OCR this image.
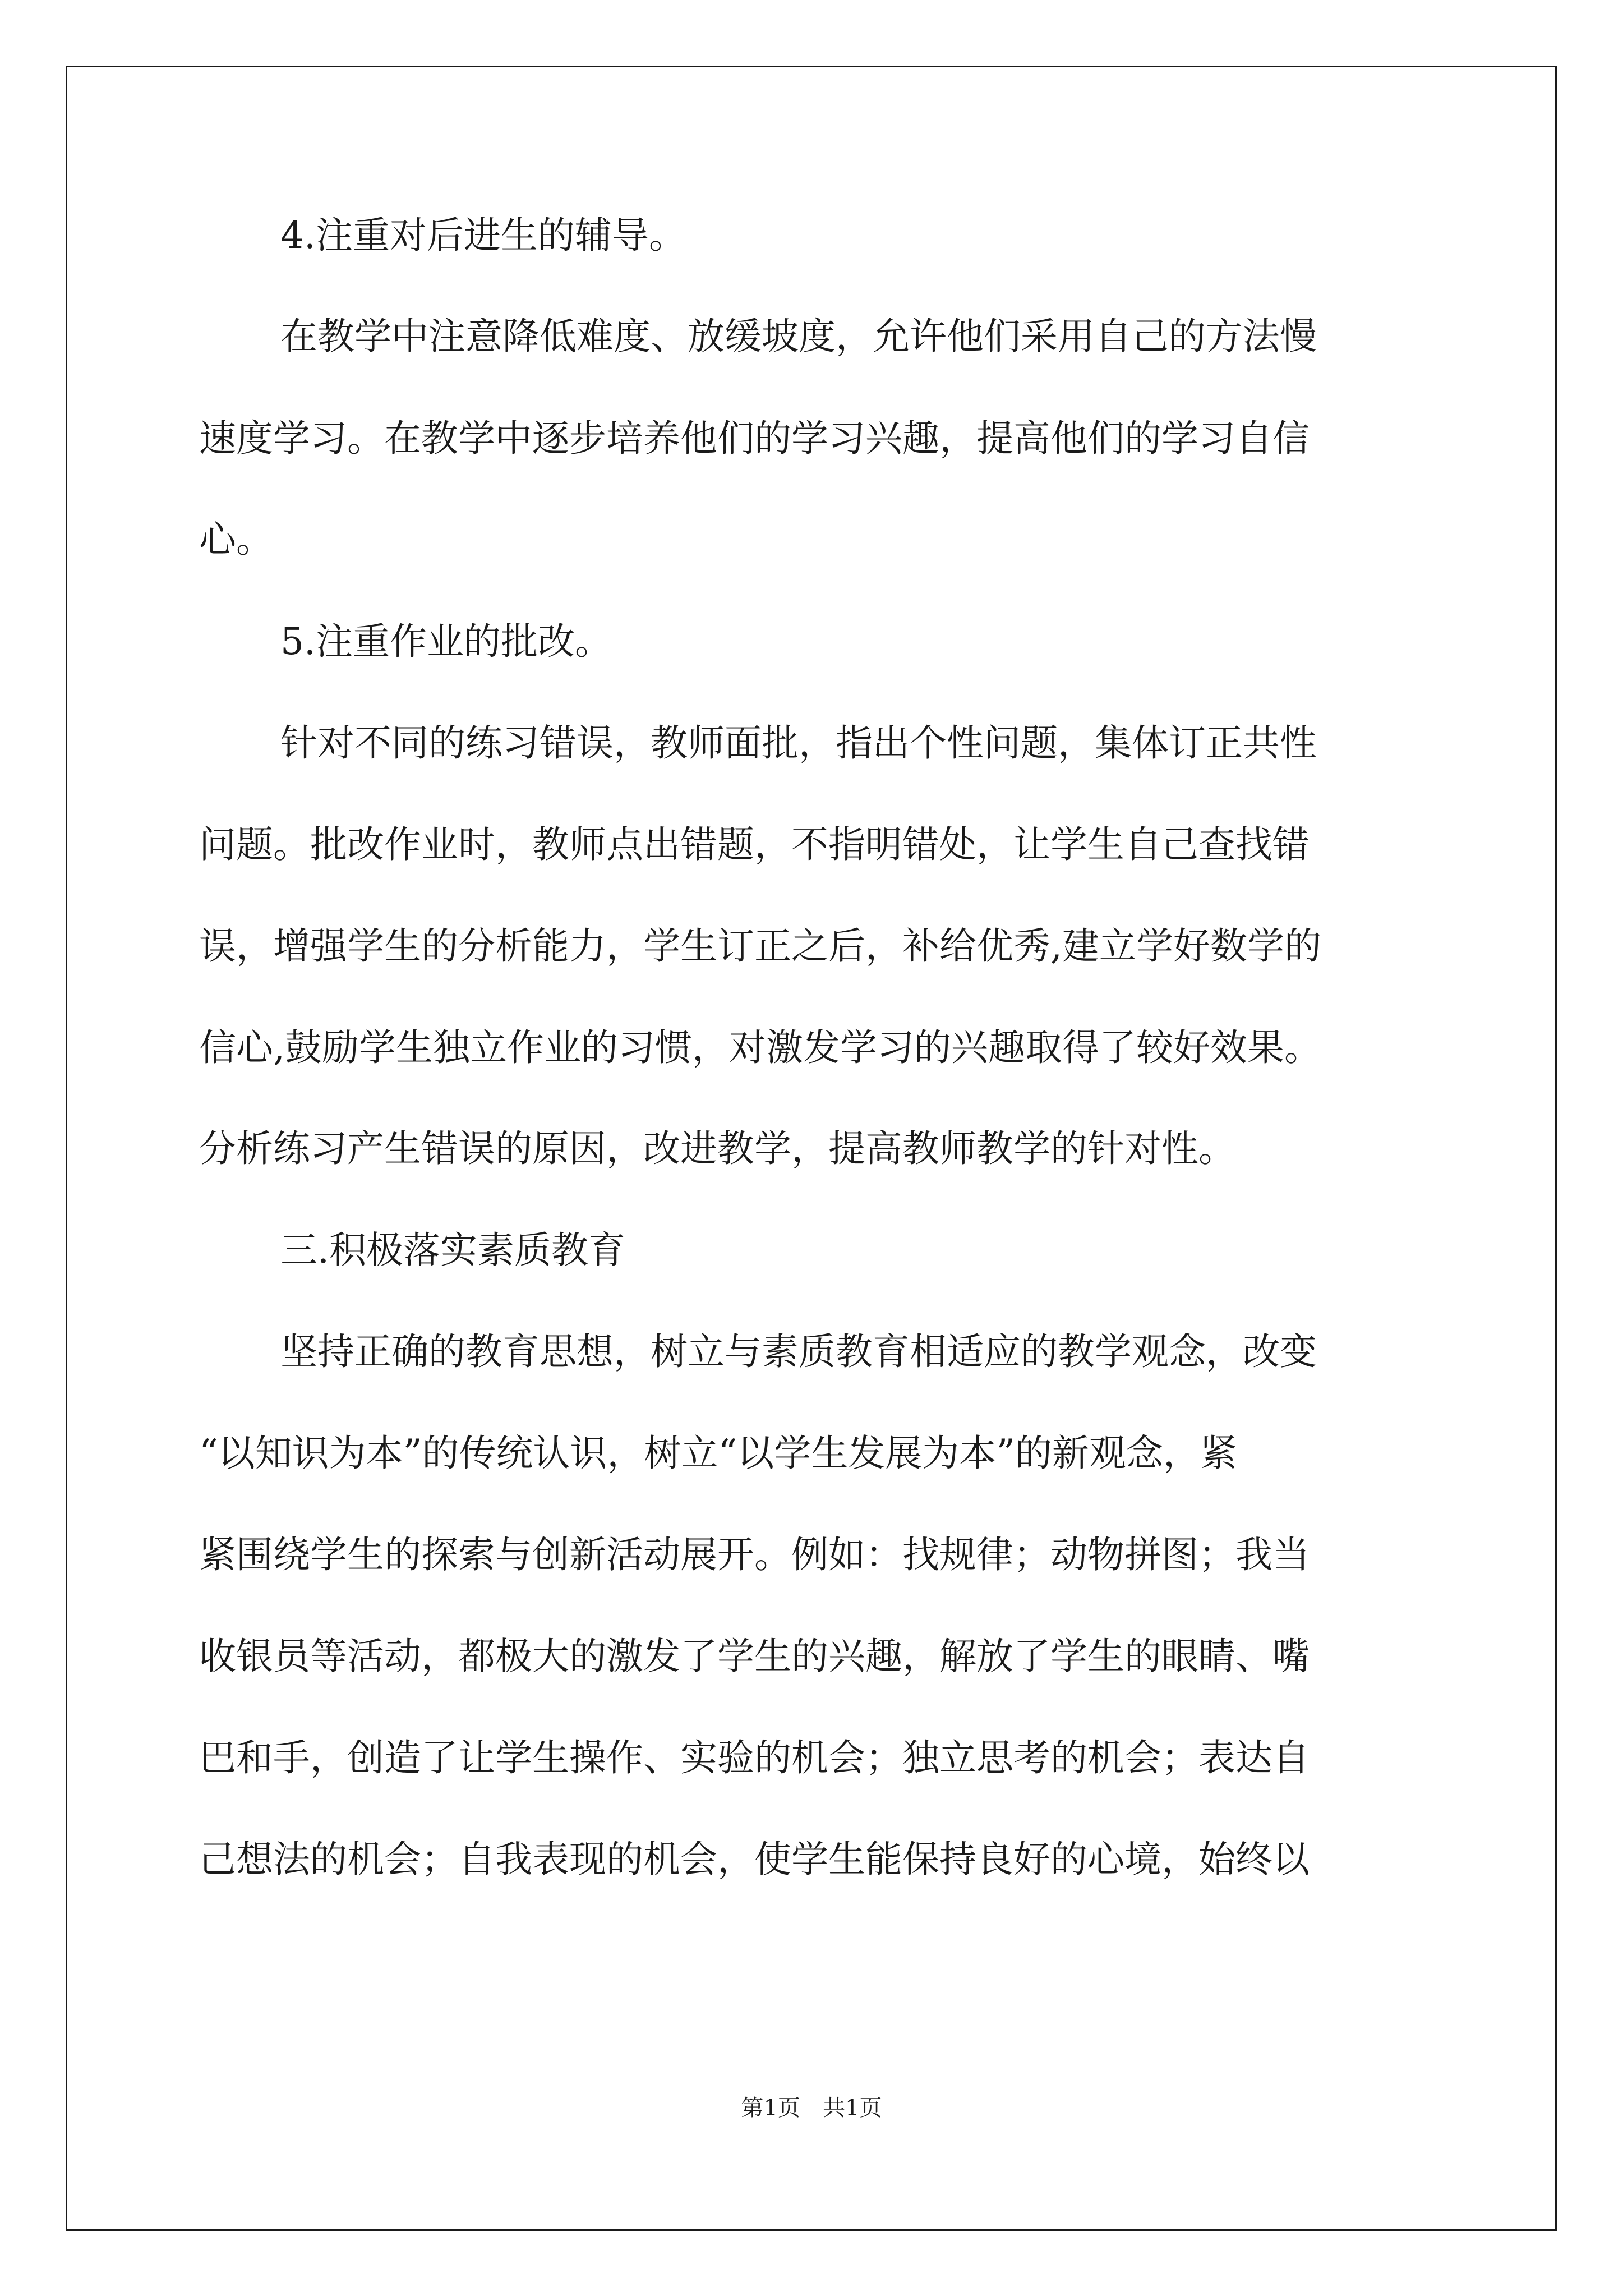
4.注重对后进生的辅导。
在教学中注意降低难度、放缓坡度，允许他们采用自己的方法慢
速度学习。在教学中逐步培养他们的学习兴趣，提高他们的学习自信
心。
5.注重作业的批改。
针对不同的练习错误，教师面批，指出个性问题，集体订正共性
问题。批改作业时，教师点出错题，不指明错处，让学生自己查找错
误，增强学生的分析能力，学生订正之后，补给优秀,建立学好数学的
信心,鼓励学生独立作业的习惯，对激发学习的兴趣取得了较好效果。
分析练习产生错误的原因，改进教学，提高教师教学的针对性。
三.积极落实素质教育
坚持正确的教育思想，树立与素质教育相适应的教学观念，改变
“以知识为本”的传统认识，树立“以学生发展为本”的新观念，紧
紧围绕学生的探索与创新活动展开。例如：找规律；动物拼图；我当
收银员等活动，都极大的激发了学生的兴趣，解放了学生的眼睛、嘴
巴和手，创造了让学生操作、实验的机会；独立思考的机会；表达自
己想法的机会；自我表现的机会，使学生能保持良好的心境，始终以
第1页　共1页
